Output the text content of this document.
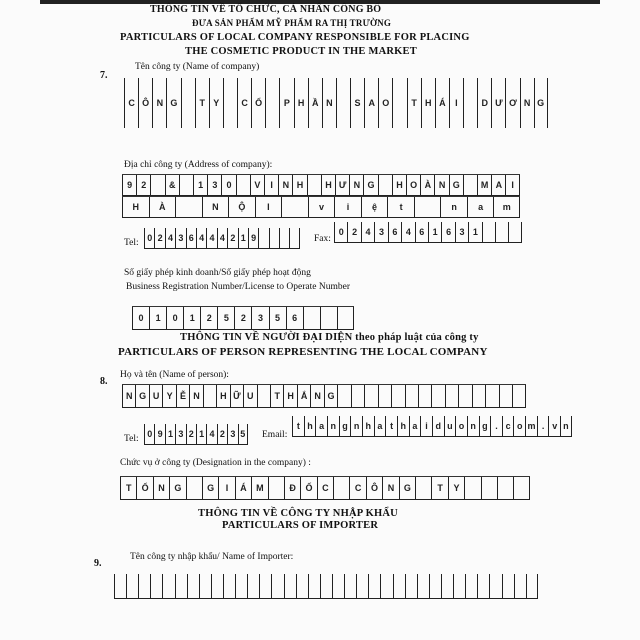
THÔNG TIN VỀ TỔ CHỨC, CÁ NHÂN CÔNG BỐ
ĐƯA SẢN PHẨM MỸ PHẨM RA THỊ TRƯỜNG
PARTICULARS OF LOCAL COMPANY RESPONSIBLE FOR PLACING
THE COSMETIC PRODUCT IN THE MARKET
7.
Tên công ty (Name of company)
C Ô N G	T Y	C Ổ	P H Ầ N	S A O	T H Á	I	D Ư Ơ N G
Địa chỉ công ty (Address of company):
9	2	&	1	3	0	V	I	N H	H Ư N G	H O À N G	M A	I
H	À	N	Ộ	I	v	i	ệ	t	n	a	m
Tel: 0 2 4 3 6 4 4 4 2 1 9	Fax:
0 2 4 3 6 4 6 1 6 3 1
Số giấy phép kinh doanh/Số giấy phép hoạt động
Business Registration Number/License to Operate Number
0	1	0	1	2	5	2	3	5	6
THÔNG TIN VỀ NGƯỜI ĐẠI DIỆN theo pháp luật của công ty
PARTICULARS OF PERSON REPRESENTING THE LOCAL COMPANY
8.
Họ và tên (Name of person):
N G U Y Ễ N	H Ữ U	T H Ắ N G
Tel: 0 9 1 3 2 1 4 2 3 5 Email:
t h a n g n h a t h a i d u o n g . c o m . v n
Chức vụ ở công ty (Designation in the company) :
T	Ổ	N	G	G	I	Á	M	Đ	Ố	C	C	Ô	N	G	T	Y
THÔNG TIN VỀ CÔNG TY NHẬP KHẨU
PARTICULARS OF IMPORTER
9.
Tên công ty nhập khẩu/ Name of Importer:
